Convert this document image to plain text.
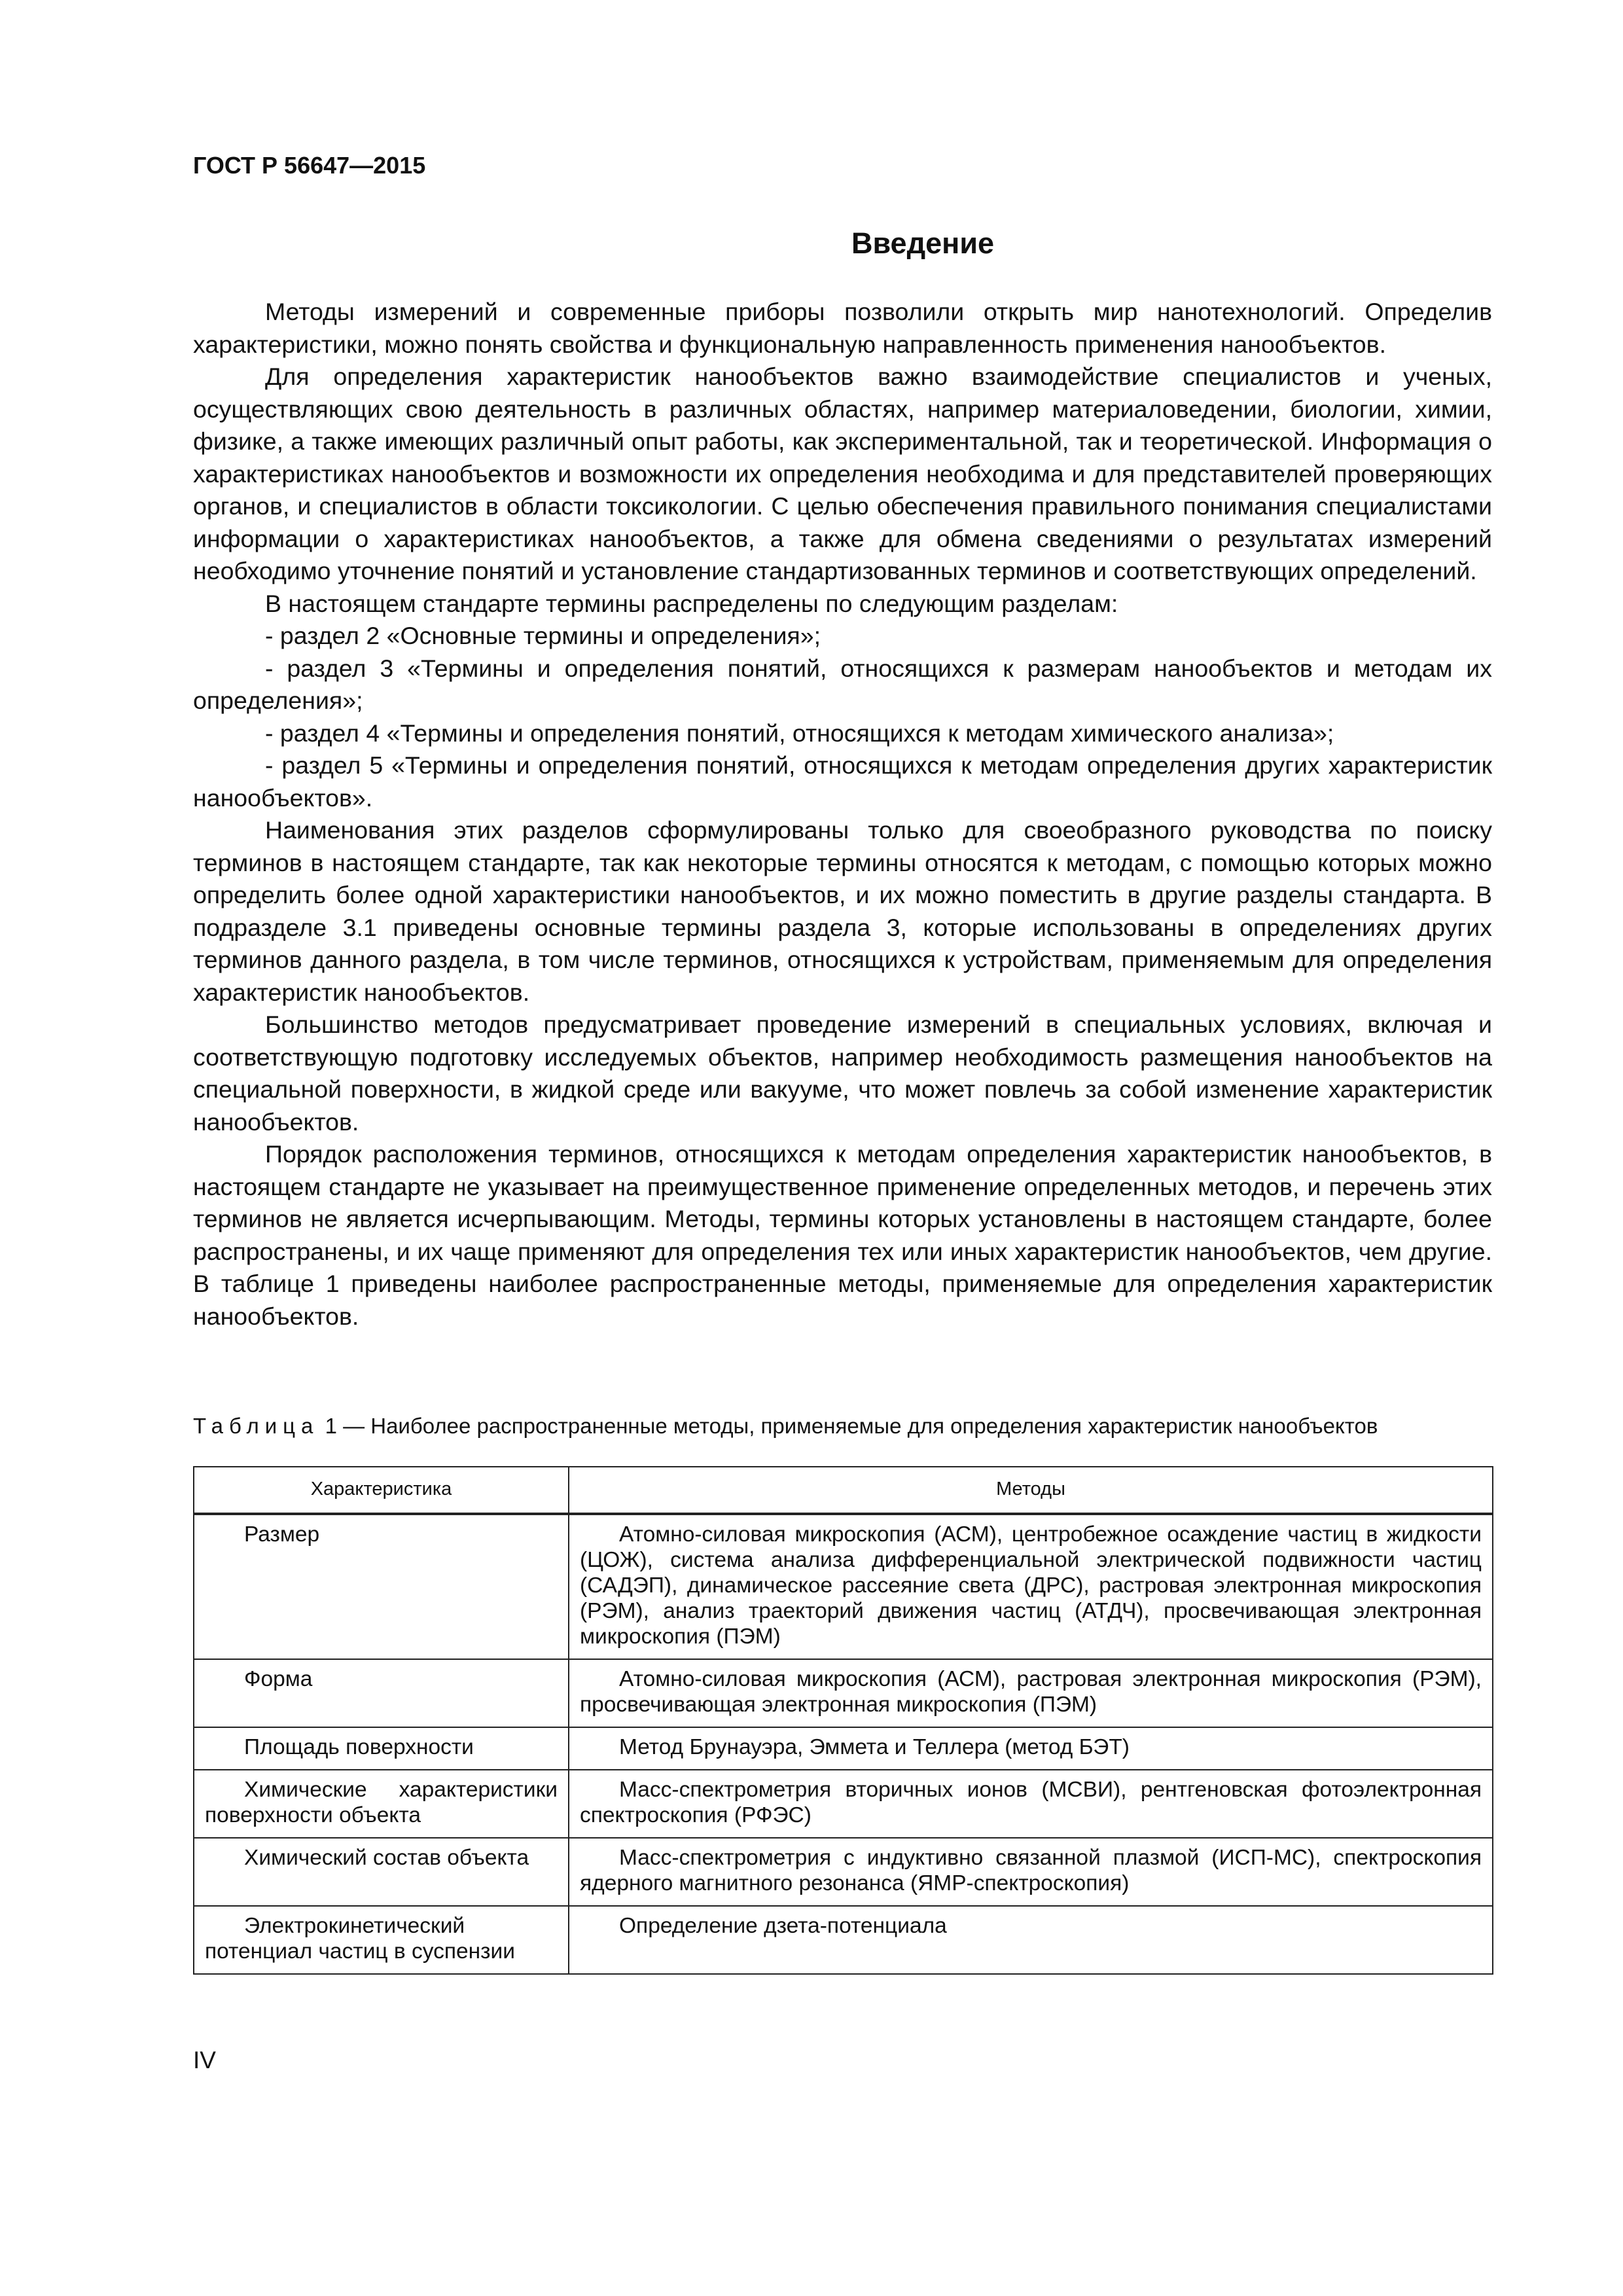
ГОСТ Р 56647—2015
Введение

Методы измерений и современные приборы позволили открыть мир нанотехнологий. Определив характеристики, можно понять свойства и функциональную направленность применения нанообъектов.

Для определения характеристик нанообъектов важно взаимодействие специалистов и ученых, осуществляющих свою деятельность в различных областях, например материаловедении, биологии, химии, физике, а также имеющих различный опыт работы, как экспериментальной, так и теоретической. Информация о характеристиках нанообъектов и возможности их определения необходима и для представителей проверяющих органов, и специалистов в области токсикологии. С целью обеспечения правильного понимания специалистами информации о характеристиках нанообъектов, а также для обмена сведениями о результатах измерений необходимо уточнение понятий и установление стандартизованных терминов и соответствующих определений.

В настоящем стандарте термины распределены по следующим разделам:

- раздел 2 «Основные термины и определения»;

- раздел 3 «Термины и определения понятий, относящихся к размерам нанообъектов и методам их определения»;

- раздел 4 «Термины и определения понятий, относящихся к методам химического анализа»;

- раздел 5 «Термины и определения понятий, относящихся к методам определения других характеристик нанообъектов».

Наименования этих разделов сформулированы только для своеобразного руководства по поиску терминов в настоящем стандарте, так как некоторые термины относятся к методам, с помощью которых можно определить более одной характеристики нанообъектов, и их можно поместить в другие разделы стандарта. В подразделе 3.1 приведены основные термины раздела 3, которые использованы в определениях других терминов данного раздела, в том числе терминов, относящихся к устройствам, применяемым для определения характеристик нанообъектов.

Большинство методов предусматривает проведение измерений в специальных условиях, включая и соответствующую подготовку исследуемых объектов, например необходимость размещения нанообъектов на специальной поверхности, в жидкой среде или вакууме, что может повлечь за собой изменение характеристик нанообъектов.

Порядок расположения терминов, относящихся к методам определения характеристик нанообъектов, в настоящем стандарте не указывает на преимущественное применение определенных методов, и перечень этих терминов не является исчерпывающим. Методы, термины которых установлены в настоящем стандарте, более распространены, и их чаще применяют для определения тех или иных характеристик нанообъектов, чем другие. В таблице 1 приведены наиболее распространенные методы, применяемые для определения характеристик нанообъектов.

Таблица 1 — Наиболее распространенные методы, применяемые для определения характеристик нанообъектов
Характеристика	Методы
Размер	Атомно-силовая микроскопия (АСМ), центробежное осаждение частиц в жидкости (ЦОЖ), система анализа дифференциальной электрической подвижности частиц (САДЭП), динамическое рассеяние света (ДРС), растровая электронная микроскопия (РЭМ), анализ траекторий движения частиц (АТДЧ), просвечивающая электронная микроскопия (ПЭМ)
Форма	Атомно-силовая микроскопия (АСМ), растровая электронная микроскопия (РЭМ), просвечивающая электронная микроскопия (ПЭМ)
Площадь поверхности	Метод Брунауэра, Эммета и Теллера (метод БЭТ)
Химические характеристики поверхности объекта	Масс-спектрометрия вторичных ионов (МСВИ), рентгеновская фотоэлектронная спектроскопия (РФЭС)
Химический состав объекта	Масс-спектрометрия с индуктивно связанной плазмой (ИСП-МС), спектроскопия ядерного магнитного резонанса (ЯМР-спектроскопия)
Электрокинетический потенциал частиц в суспензии	Определение дзета-потенциала
IV
